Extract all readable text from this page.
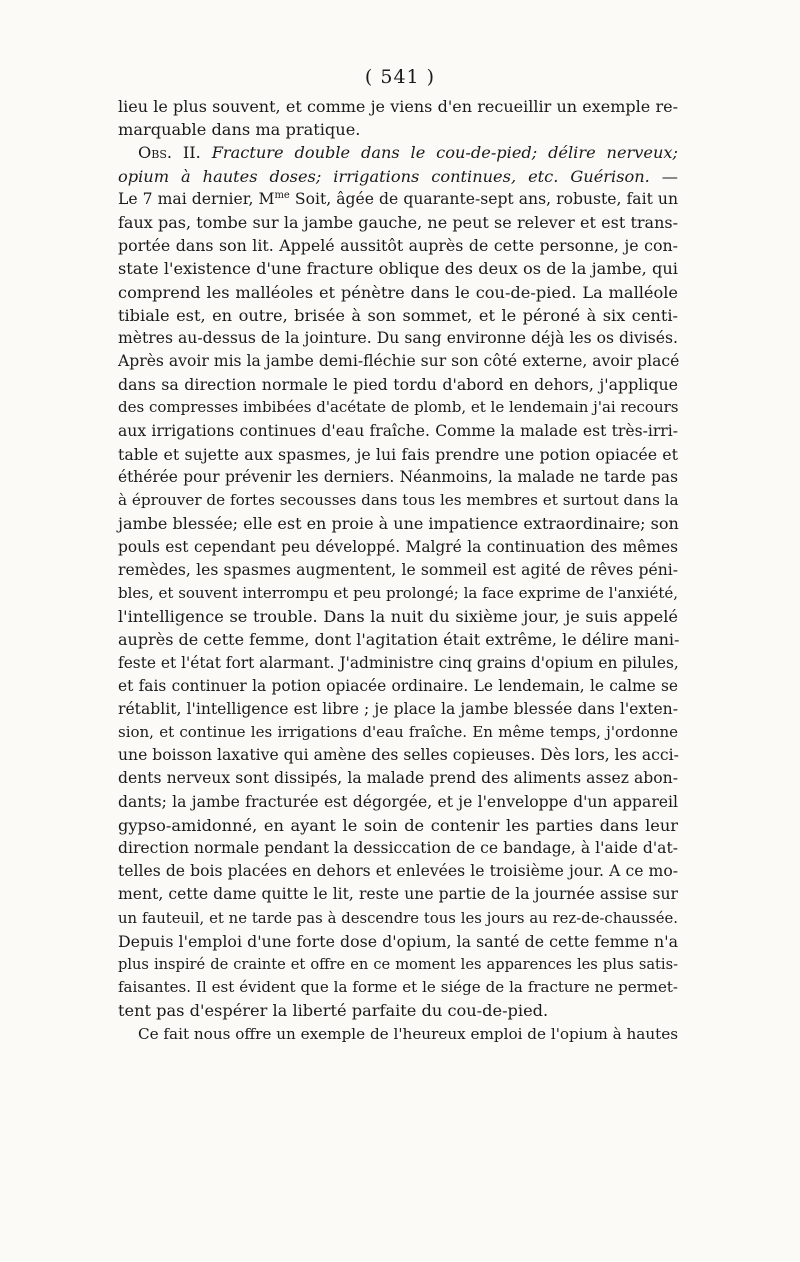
( 541 )
lieu le plus souvent, et comme je viens d'en recueillir un exemple re-
marquable dans ma pratique.
Obs. II. Fracture double dans le cou-de-pied; délire nerveux;
opium à hautes doses; irrigations continues, etc. Guérison. —
Le 7 mai dernier, $M^{me}$ Soit, âgée de quarante-sept ans, robuste, fait un
faux pas, tombe sur la jambe gauche, ne peut se relever et est trans-
portée dans son lit. Appelé aussitôt auprès de cette personne, je con-
state l'existence d'une fracture oblique des deux os de la jambe, qui
comprend les malléoles et pénètre dans le cou-de-pied. La malléole
tibiale est, en outre, brisée à son sommet, et le péroné à six centi-
mètres au-dessus de la jointure. Du sang environne déjà les os divisés.
Après avoir mis la jambe demi-fléchie sur son côté externe, avoir placé
dans sa direction normale le pied tordu d'abord en dehors, j'applique
des compresses imbibées d'acétate de plomb, et le lendemain j'ai recours
aux irrigations continues d'eau fraîche. Comme la malade est très-irri-
table et sujette aux spasmes, je lui fais prendre une potion opiacée et
éthérée pour prévenir les derniers. Néanmoins, la malade ne tarde pas
à éprouver de fortes secousses dans tous les membres et surtout dans la
jambe blessée; elle est en proie à une impatience extraordinaire; son
pouls est cependant peu développé. Malgré la continuation des mêmes
remèdes, les spasmes augmentent, le sommeil est agité de rêves péni-
bles, et souvent interrompu et peu prolongé; la face exprime de l'anxiété,
l'intelligence se trouble. Dans la nuit du sixième jour, je suis appelé
auprès de cette femme, dont l'agitation était extrême, le délire mani-
feste et l'état fort alarmant. J'administre cinq grains d'opium en pilules,
et fais continuer la potion opiacée ordinaire. Le lendemain, le calme se
rétablit, l'intelligence est libre ; je place la jambe blessée dans l'exten-
sion, et continue les irrigations d'eau fraîche. En même temps, j'ordonne
une boisson laxative qui amène des selles copieuses. Dès lors, les acci-
dents nerveux sont dissipés, la malade prend des aliments assez abon-
dants; la jambe fracturée est dégorgée, et je l'enveloppe d'un appareil
gypso-amidonné, en ayant le soin de contenir les parties dans leur
direction normale pendant la dessiccation de ce bandage, à l'aide d'at-
telles de bois placées en dehors et enlevées le troisième jour. A ce mo-
ment, cette dame quitte le lit, reste une partie de la journée assise sur
un fauteuil, et ne tarde pas à descendre tous les jours au rez-de-chaussée.
Depuis l'emploi d'une forte dose d'opium, la santé de cette femme n'a
plus inspiré de crainte et offre en ce moment les apparences les plus satis-
faisantes. Il est évident que la forme et le siége de la fracture ne permet-
tent pas d'espérer la liberté parfaite du cou-de-pied.
Ce fait nous offre un exemple de l'heureux emploi de l'opium à hautes
